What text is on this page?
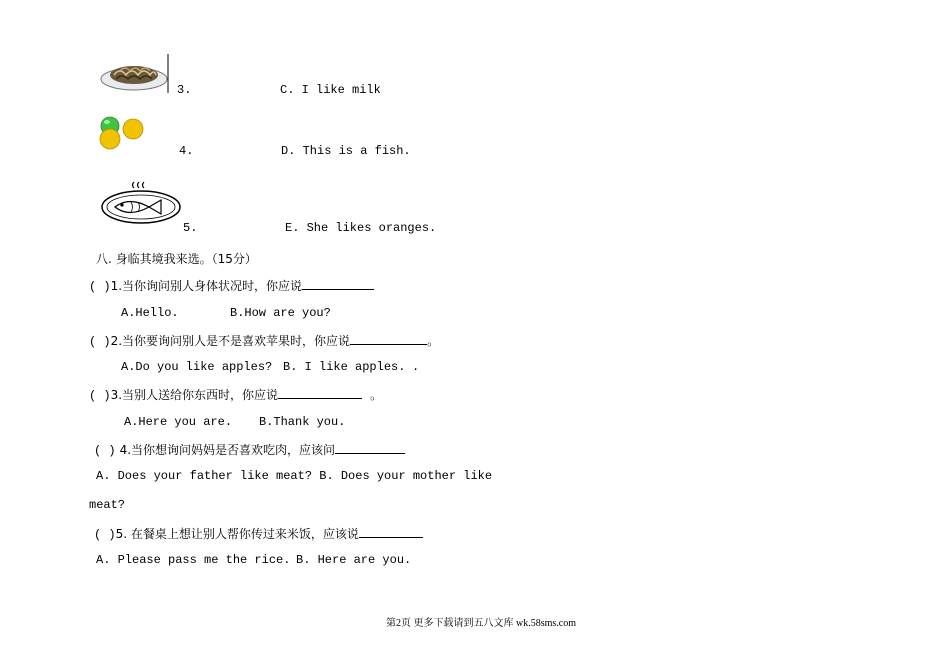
3.	C. I like milk
4.	D. This is a fish.
5.	E. She likes oranges.
八. 身临其境我来选。（15分）
( )1.当你询问别人身体状况时，你应说
A.Hello.	B.How are you?
( )2.当你要询问别人是不是喜欢苹果时，你应说	。
A.Do you like apples? B. I like apples. .
( )3.当别人送给你东西时，你应说	。
A.Here you are. B.Thank you.
( ) 4.当你想询问妈妈是否喜欢吃肉，应该问
A. Does your father like meat? B. Does your mother like
meat?
( )5. 在餐桌上想让别人帮你传过来米饭，应该说
A. Please pass me the rice. B. Here are you.
第2页 更多下载请到五八文库 wk.58sms.com
